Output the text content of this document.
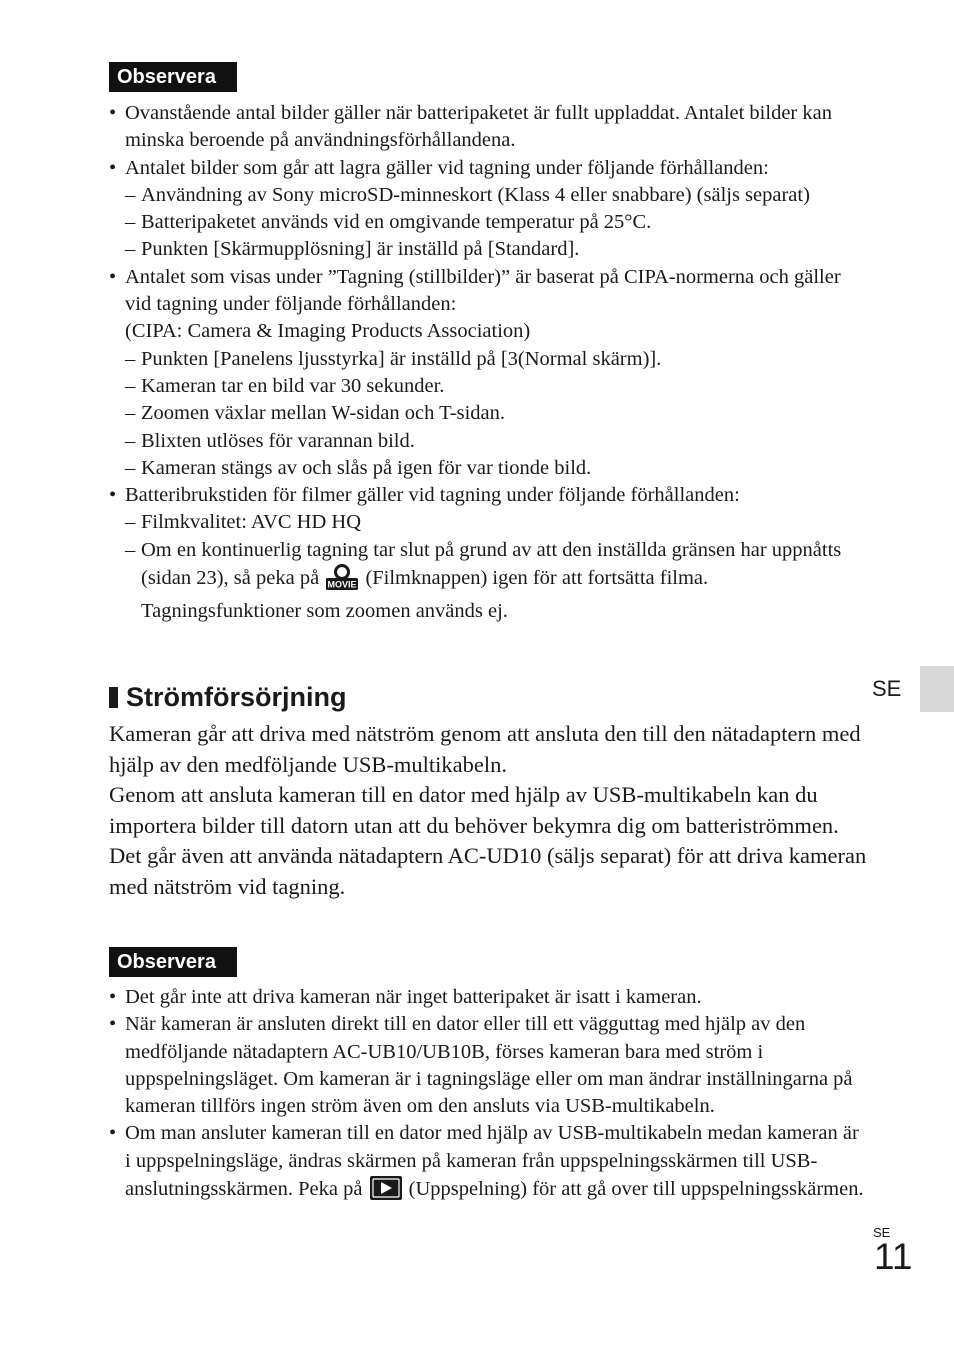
Observera
• Ovanstående antal bilder gäller när batteripaketet är fullt uppladdat. Antalet bilder kan minska beroende på användningsförhållandena.
• Antalet bilder som går att lagra gäller vid tagning under följande förhållanden:
– Användning av Sony microSD-minneskort (Klass 4 eller snabbare) (säljs separat)
– Batteripaketet används vid en omgivande temperatur på 25°C.
– Punkten [Skärmupplösning] är inställd på [Standard].
• Antalet som visas under ”Tagning (stillbilder)” är baserat på CIPA-normerna och gäller vid tagning under följande förhållanden:
(CIPA: Camera & Imaging Products Association)
– Punkten [Panelens ljusstyrka] är inställd på [3(Normal skärm)].
– Kameran tar en bild var 30 sekunder.
– Zoomen växlar mellan W-sidan och T-sidan.
– Blixten utlöses för varannan bild.
– Kameran stängs av och slås på igen för var tionde bild.
• Batteribrukstiden för filmer gäller vid tagning under följande förhållanden:
– Filmkvalitet: AVC HD HQ
– Om en kontinuerlig tagning tar slut på grund av att den inställda gränsen har uppnåtts (sidan 23), så peka på MOVIE (Filmknappen) igen för att fortsätta filma. Tagningsfunktioner som zoomen används ej.
Strömförsörjning

Kameran går att driva med nätström genom att ansluta den till den nätadaptern med hjälp av den medföljande USB-multikabeln.

Genom att ansluta kameran till en dator med hjälp av USB-multikabeln kan du importera bilder till datorn utan att du behöver bekymra dig om batteriströmmen.

Det går även att använda nätadaptern AC-UD10 (säljs separat) för att driva kameran med nätström vid tagning.

Observera
• Det går inte att driva kameran när inget batteripaket är isatt i kameran.
• När kameran är ansluten direkt till en dator eller till ett vägguttag med hjälp av den medföljande nätadaptern AC-UB10/UB10B, förses kameran bara med ström i uppspelningsläget. Om kameran är i tagningsläge eller om man ändrar inställningarna på kameran tillförs ingen ström även om den ansluts via USB-multikabeln.
• Om man ansluter kameran till en dator med hjälp av USB-multikabeln medan kameran är i uppspelningsläge, ändras skärmen på kameran från uppspelningsskärmen till USB-anslutningsskärmen. Peka på (Uppspelning) för att gå over till uppspelningsskärmen.
SE
SE
11
